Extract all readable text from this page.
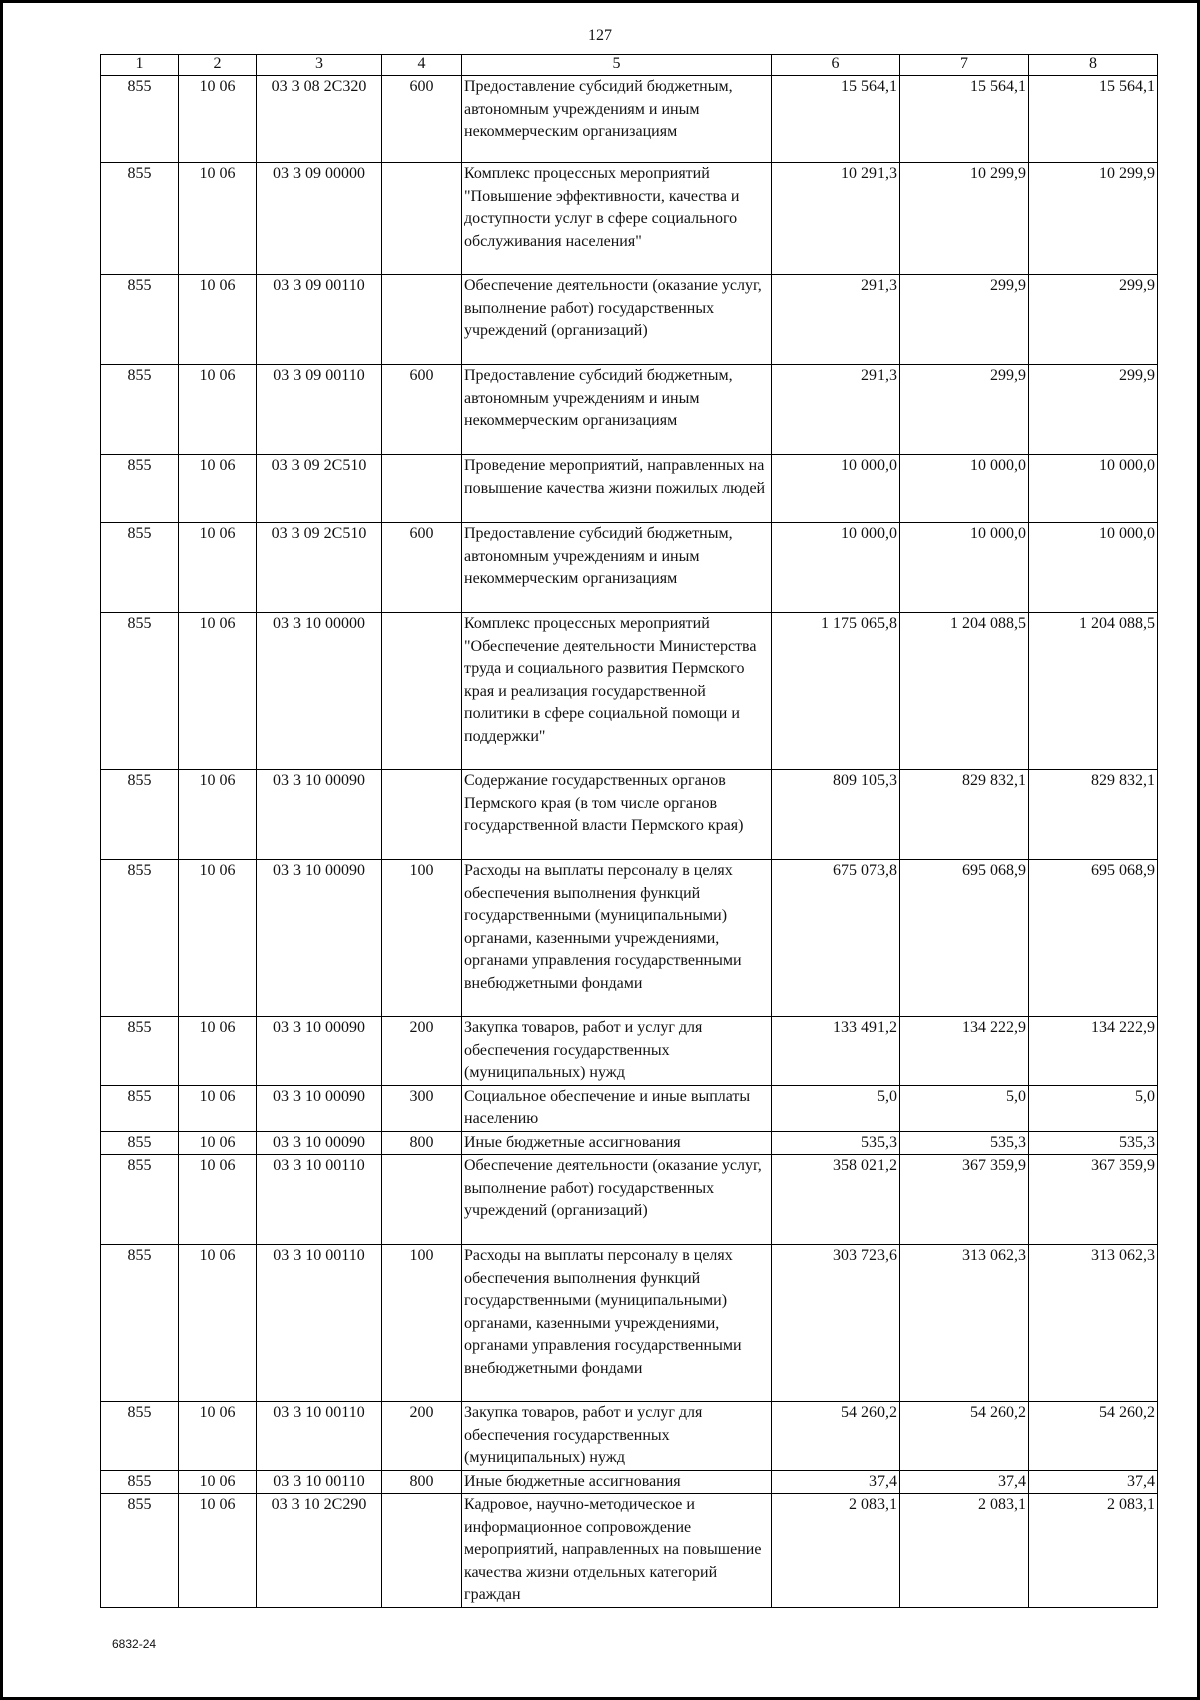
127
1	2	3	4	5	6	7	8
855	10 06	03 3 08 2С320	600	Предоставление субсидий бюджетным, автономным учреждениям и иным некоммерческим организациям	15 564,1	15 564,1	15 564,1
855	10 06	03 3 09 00000		Комплекс процессных мероприятий "Повышение эффективности, качества и доступности услуг в сфере социального обслуживания населения"	10 291,3	10 299,9	10 299,9
855	10 06	03 3 09 00110		Обеспечение деятельности (оказание услуг, выполнение работ) государственных учреждений (организаций)	291,3	299,9	299,9
855	10 06	03 3 09 00110	600	Предоставление субсидий бюджетным, автономным учреждениям и иным некоммерческим организациям	291,3	299,9	299,9
855	10 06	03 3 09 2С510		Проведение мероприятий, направленных на повышение качества жизни пожилых людей	10 000,0	10 000,0	10 000,0
855	10 06	03 3 09 2С510	600	Предоставление субсидий бюджетным, автономным учреждениям и иным некоммерческим организациям	10 000,0	10 000,0	10 000,0
855	10 06	03 3 10 00000		Комплекс процессных мероприятий "Обеспечение деятельности Министерства труда и социального развития Пермского края и реализация государственной политики в сфере социальной помощи и поддержки"	1 175 065,8	1 204 088,5	1 204 088,5
855	10 06	03 3 10 00090		Содержание государственных органов Пермского края (в том числе органов государственной власти Пермского края)	809 105,3	829 832,1	829 832,1
855	10 06	03 3 10 00090	100	Расходы на выплаты персоналу в целях обеспечения выполнения функций государственными (муниципальными) органами, казенными учреждениями, органами управления государственными внебюджетными фондами	675 073,8	695 068,9	695 068,9
855	10 06	03 3 10 00090	200	Закупка товаров, работ и услуг для обеспечения государственных (муниципальных) нужд	133 491,2	134 222,9	134 222,9
855	10 06	03 3 10 00090	300	Социальное обеспечение и иные выплаты населению	5,0	5,0	5,0
855	10 06	03 3 10 00090	800	Иные бюджетные ассигнования	535,3	535,3	535,3
855	10 06	03 3 10 00110		Обеспечение деятельности (оказание услуг, выполнение работ) государственных учреждений (организаций)	358 021,2	367 359,9	367 359,9
855	10 06	03 3 10 00110	100	Расходы на выплаты персоналу в целях обеспечения выполнения функций государственными (муниципальными) органами, казенными учреждениями, органами управления государственными внебюджетными фондами	303 723,6	313 062,3	313 062,3
855	10 06	03 3 10 00110	200	Закупка товаров, работ и услуг для обеспечения государственных (муниципальных) нужд	54 260,2	54 260,2	54 260,2
855	10 06	03 3 10 00110	800	Иные бюджетные ассигнования	37,4	37,4	37,4
855	10 06	03 3 10 2С290		Кадровое, научно-методическое и информационное сопровождение мероприятий, направленных на повышение качества жизни отдельных категорий граждан	2 083,1	2 083,1	2 083,1
6832-24
